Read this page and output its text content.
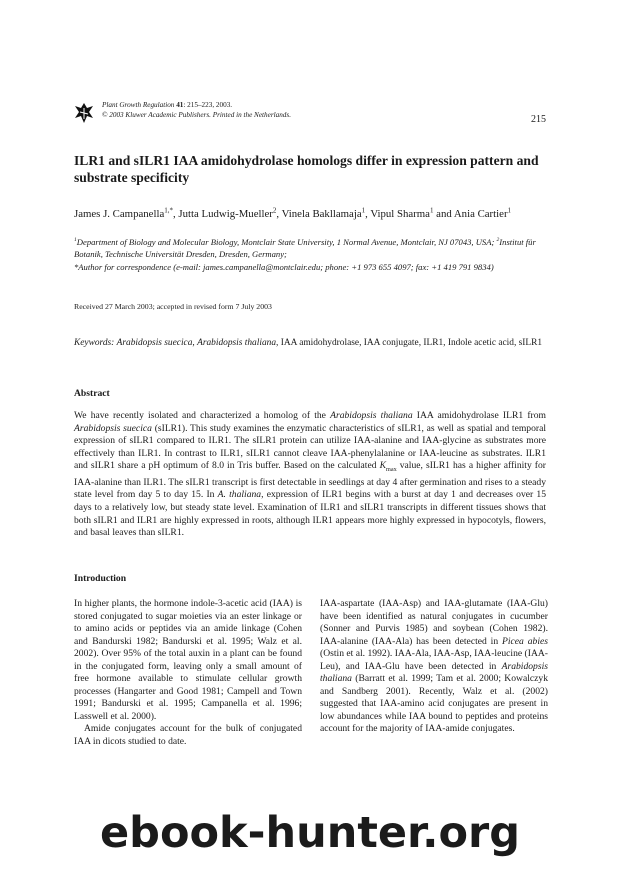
Plant Growth Regulation 41: 215–223, 2003.
© 2003 Kluwer Academic Publishers. Printed in the Netherlands.	215
ILR1 and sILR1 IAA amidohydrolase homologs differ in expression pattern and substrate specificity
James J. Campanella$^{1,*}$, Jutta Ludwig-Mueller$^2$, Vinela Bakllamaja$^1$, Vipul Sharma$^1$ and Ania Cartier$^1$
$^1$Department of Biology and Molecular Biology, Montclair State University, 1 Normal Avenue, Montclair, NJ 07043, USA; $^2$Institut für Botanik, Technische Universität Dresden, Dresden, Germany;
*Author for correspondence (e-mail: james.campanella@montclair.edu; phone: +1 973 655 4097; fax: +1 419 791 9834)
Received 27 March 2003; accepted in revised form 7 July 2003
Keywords: Arabidopsis suecica, Arabidopsis thaliana, IAA amidohydrolase, IAA conjugate, ILR1, Indole acetic acid, sILR1
Abstract
We have recently isolated and characterized a homolog of the Arabidopsis thaliana IAA amidohydrolase ILR1 from Arabidopsis suecica (sILR1). This study examines the enzymatic characteristics of sILR1, as well as spatial and temporal expression of sILR1 compared to ILR1. The sILR1 protein can utilize IAA-alanine and IAA-glycine as substrates more effectively than ILR1. In contrast to ILR1, sILR1 cannot cleave IAA-phenylalanine or IAA-leucine as substrates. ILR1 and sILR1 share a pH optimum of 8.0 in Tris buffer. Based on the calculated $K_{max}$ value, sILR1 has a higher affinity for IAA-alanine than ILR1. The sILR1 transcript is first detectable in seedlings at day 4 after germination and rises to a steady state level from day 5 to day 15. In A. thaliana, expression of ILR1 begins with a burst at day 1 and decreases over 15 days to a relatively low, but steady state level. Examination of ILR1 and sILR1 transcripts in different tissues shows that both sILR1 and ILR1 are highly expressed in roots, although ILR1 appears more highly expressed in hypocotyls, flowers, and basal leaves than sILR1.
Introduction

In higher plants, the hormone indole-3-acetic acid (IAA) is stored conjugated to sugar moieties via an ester linkage or to amino acids or peptides via an amide linkage (Cohen and Bandurski 1982; Bandurski et al. 1995; Walz et al. 2002). Over 95% of the total auxin in a plant can be found in the conjugated form, leaving only a small amount of free hormone available to stimulate cellular growth processes (Hangarter and Good 1981; Campell and Town 1991; Bandurski et al. 1995; Campanella et al. 1996; Lasswell et al. 2000).

Amide conjugates account for the bulk of conjugated IAA in dicots studied to date.

IAA-aspartate (IAA-Asp) and IAA-glutamate (IAA-Glu) have been identified as natural conjugates in cucumber (Sonner and Purvis 1985) and soybean (Cohen 1982). IAA-alanine (IAA-Ala) has been detected in Picea abies (Ostin et al. 1992). IAA-Ala, IAA-Asp, IAA-leucine (IAA-Leu), and IAA-Glu have been detected in Arabidopsis thaliana (Barratt et al. 1999; Tam et al. 2000; Kowalczyk and Sandberg 2001). Recently, Walz et al. (2002) suggested that IAA-amino acid conjugates are present in low abundances while IAA bound to peptides and proteins account for the majority of IAA-amide conjugates.

ebook-hunter.org
